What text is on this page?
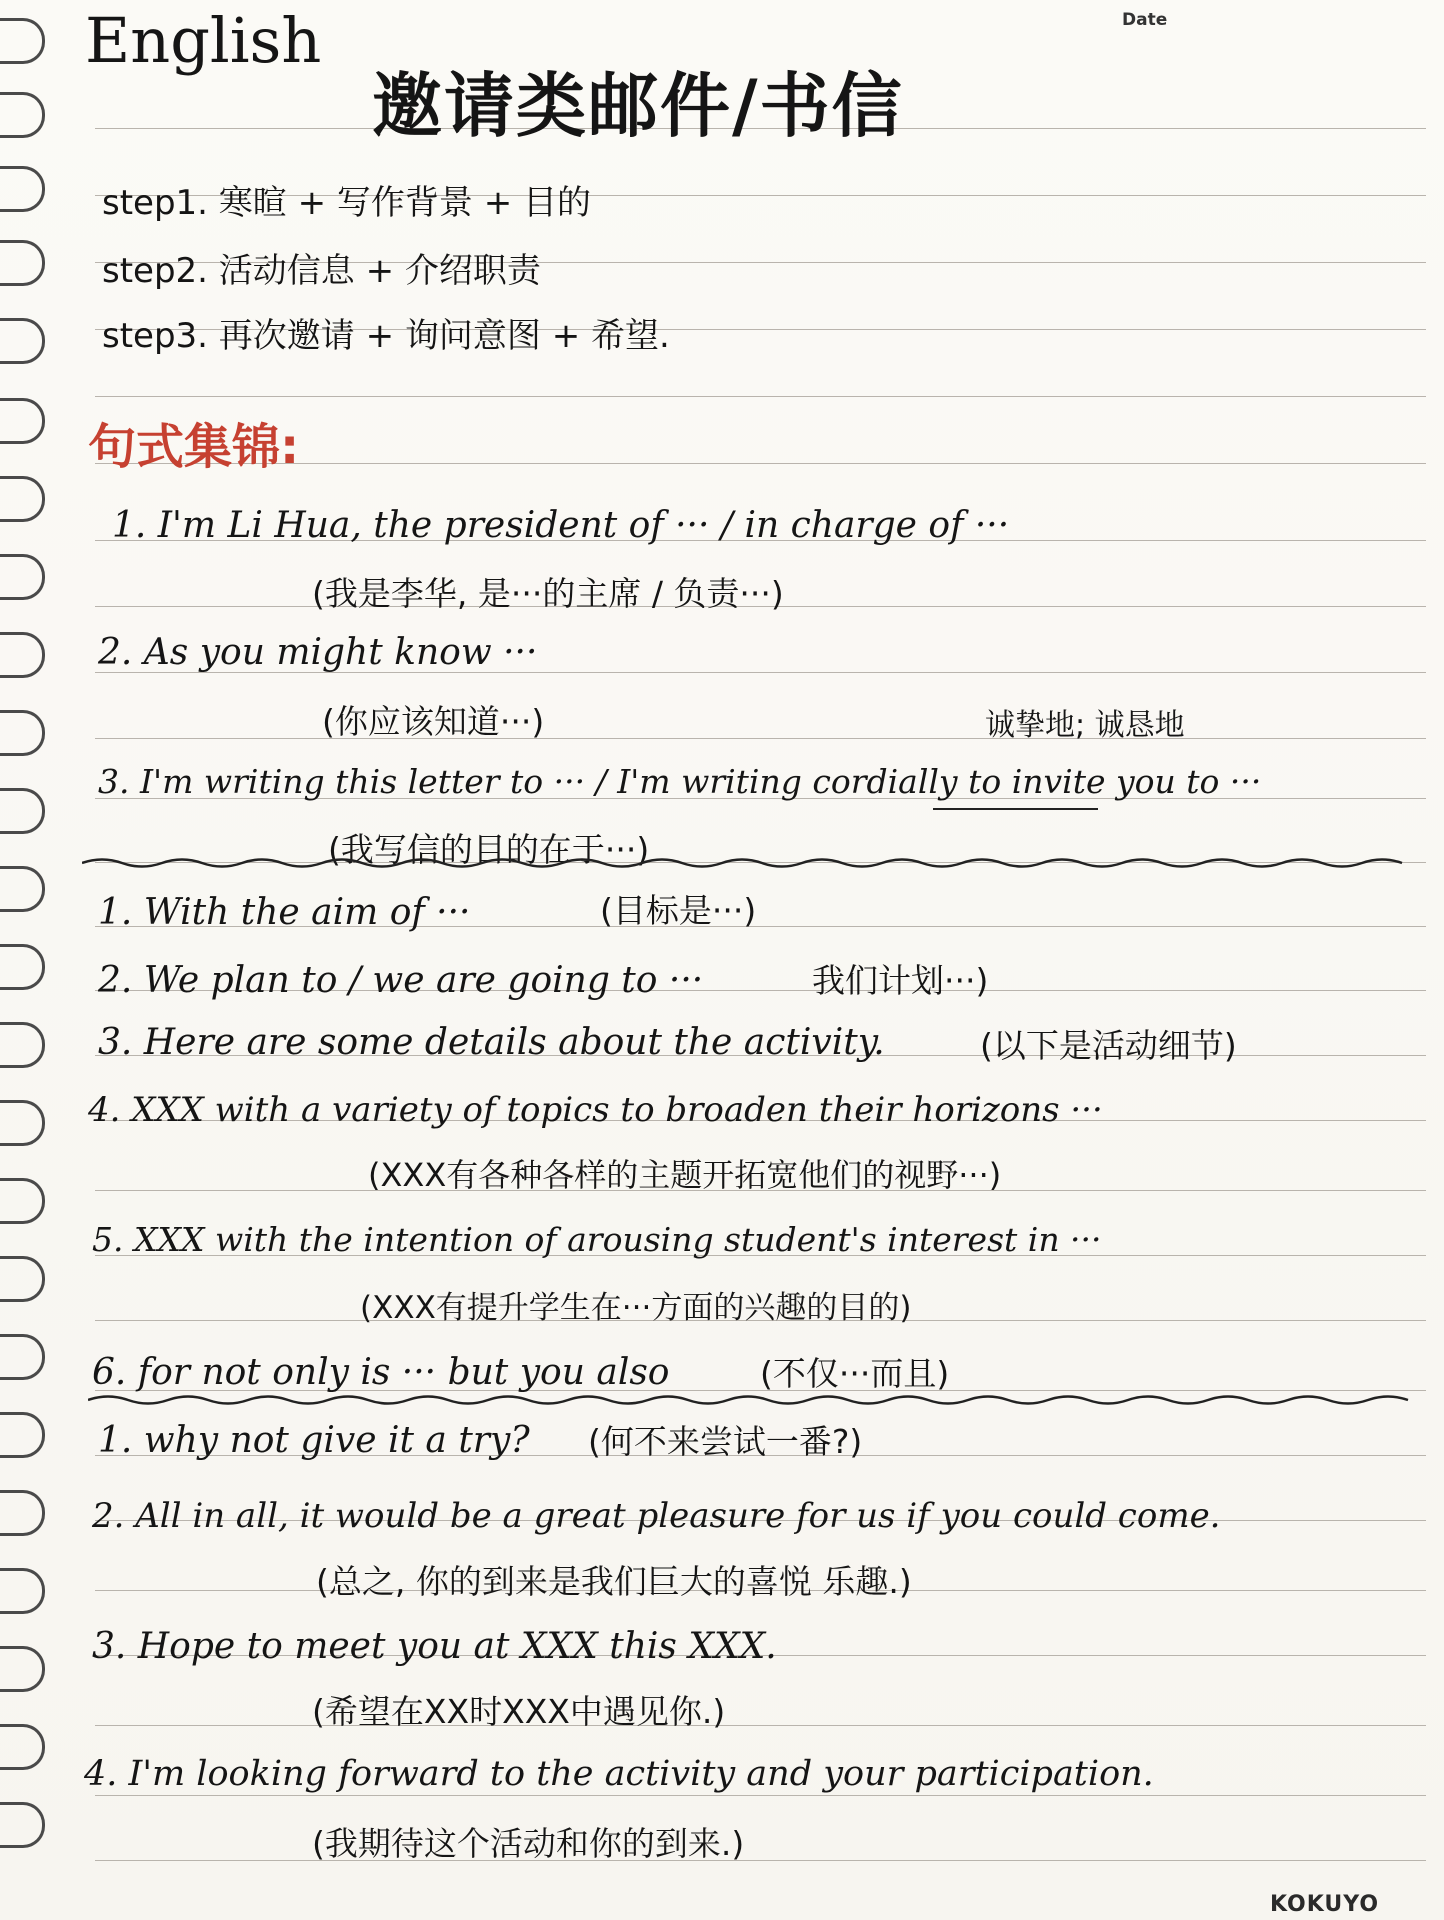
English	Date
邀请类邮件/书信
step1. 寒暄 + 写作背景 + 目的
step2. 活动信息 + 介绍职责
step3. 再次邀请 + 询问意图 + 希望.
句式集锦:
1. I'm Li Hua, the president of ··· / in charge of ···
(我是李华, 是···的主席 / 负责···)
2. As you might know ···
(你应该知道···)	诚挚地; 诚恳地
3. I'm writing this letter to ··· / I'm writing cordially to invite you to ···
(我写信的目的在于···)
1. With the aim of ···	(目标是···)
2. We plan to / we are going to ···	我们计划···)
3. Here are some details about the activity.	(以下是活动细节)
4. XXX with a variety of topics to broaden their horizons ···
(XXX有各种各样的主题开拓宽他们的视野···)
5. XXX with the intention of arousing student's interest in ···
(XXX有提升学生在···方面的兴趣的目的)
6. for not only is ··· but you also	(不仅···而且)
1. why not give it a try? (何不来尝试一番?)
2. All in all, it would be a great pleasure for us if you could come.
(总之, 你的到来是我们巨大的喜悦 乐趣.)
3. Hope to meet you at XXX this XXX.
(希望在XX时XXX中遇见你.)
4. I'm looking forward to the activity and your participation.
(我期待这个活动和你的到来.)
KOKUYO
